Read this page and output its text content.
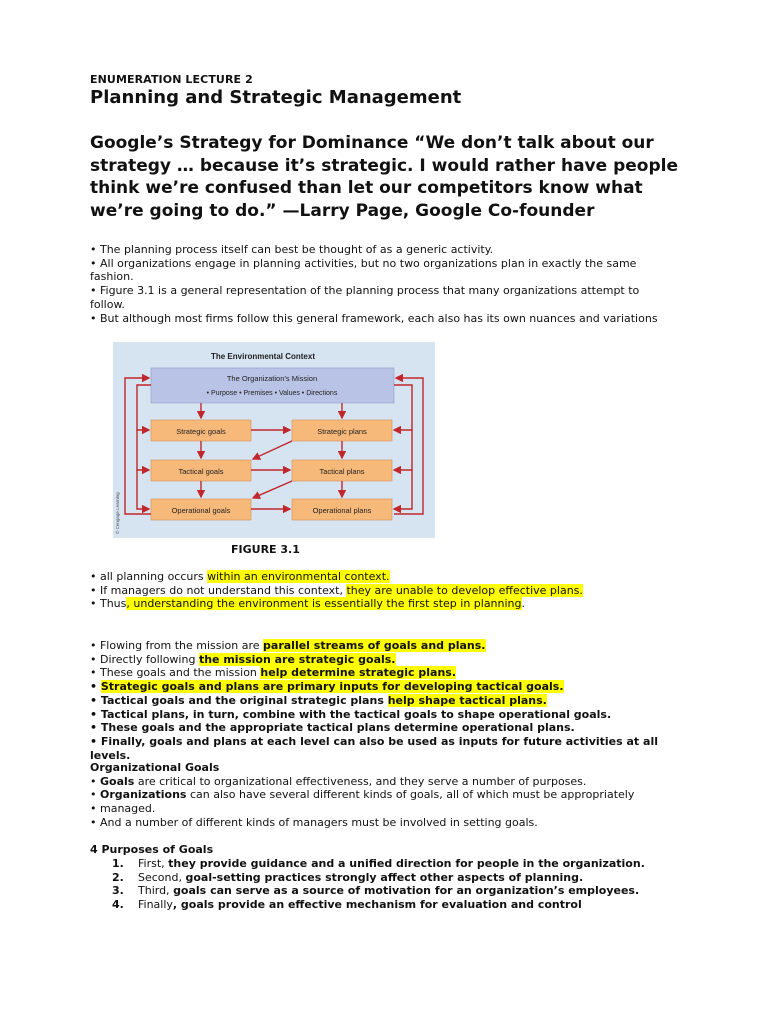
ENUMERATION LECTURE 2
Planning and Strategic Management
Google’s Strategy for Dominance “We don’t talk about our
strategy … because it’s strategic. I would rather have people
think we’re confused than let our competitors know what
we’re going to do.” —Larry Page, Google Co-founder
• The planning process itself can best be thought of as a generic activity.
• All organizations engage in planning activities, but no two organizations plan in exactly the same
fashion.
• Figure 3.1 is a general representation of the planning process that many organizations attempt to
follow.
• But although most firms follow this general framework, each also has its own nuances and variations
The Environmental Context
The Organization’s Mission
• Purpose • Premises • Values • Directions
Strategic goals	Strategic plans
Tactical goals	Tactical plans
Operational goals	Operational plans
© Cengage Learning
FIGURE 3.1
• all planning occurs within an environmental context.
• If managers do not understand this context, they are unable to develop effective plans.
• Thus, understanding the environment is essentially the first step in planning.
• Flowing from the mission are parallel streams of goals and plans.
• Directly following the mission are strategic goals.
• These goals and the mission help determine strategic plans.
• Strategic goals and plans are primary inputs for developing tactical goals.
• Tactical goals and the original strategic plans help shape tactical plans.
• Tactical plans, in turn, combine with the tactical goals to shape operational goals.
• These goals and the appropriate tactical plans determine operational plans.
• Finally, goals and plans at each level can also be used as inputs for future activities at all levels.
Organizational Goals
• Goals are critical to organizational effectiveness, and they serve a number of purposes.
• Organizations can also have several different kinds of goals, all of which must be appropriately
• managed.
• And a number of different kinds of managers must be involved in setting goals.
4 Purposes of Goals
1. First, they provide guidance and a unified direction for people in the organization.
2. Second, goal-setting practices strongly affect other aspects of planning.
3. Third, goals can serve as a source of motivation for an organization’s employees.
4. Finally, goals provide an effective mechanism for evaluation and control
